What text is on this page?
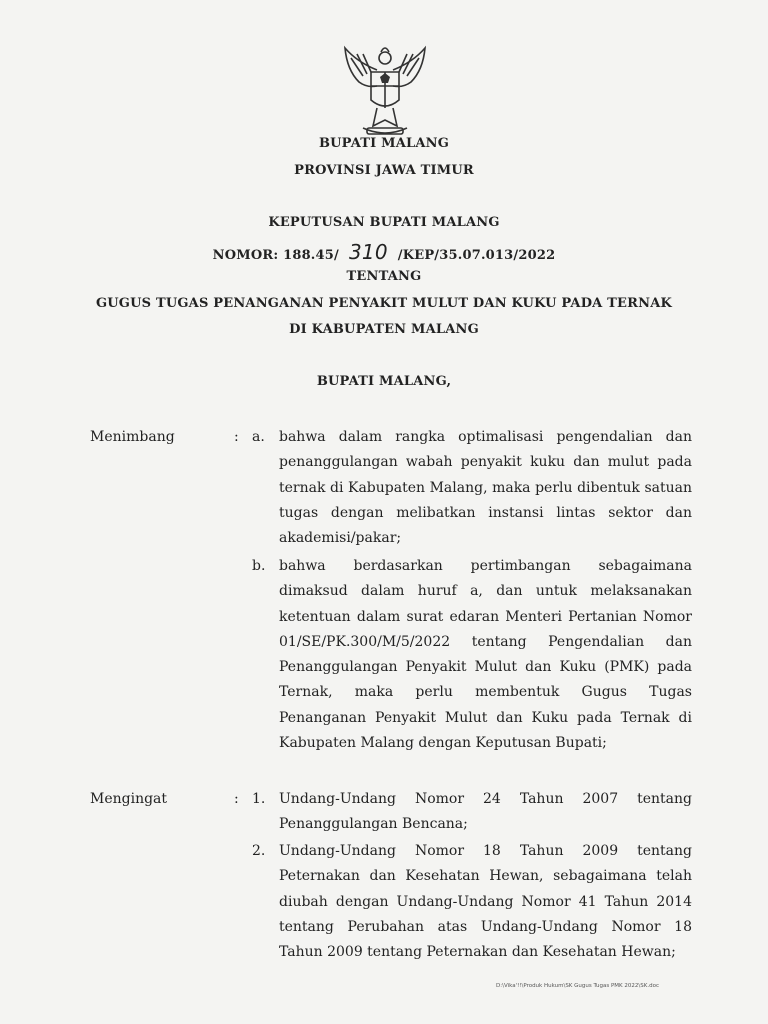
BUPATI MALANG
PROVINSI JAWA TIMUR
KEPUTUSAN BUPATI MALANG
NOMOR: 188.45/ 310 /KEP/35.07.013/2022
TENTANG
GUGUS TUGAS PENANGANAN PENYAKIT MULUT DAN KUKU PADA TERNAK
DI KABUPATEN MALANG
BUPATI MALANG,
Menimbang	: a. bahwa dalam rangka optimalisasi pengendalian dan penanggulangan wabah penyakit kuku dan mulut pada ternak di Kabupaten Malang, maka perlu dibentuk satuan tugas dengan melibatkan instansi lintas sektor dan akademisi/pakar;
b. bahwa berdasarkan pertimbangan sebagaimana dimaksud dalam huruf a, dan untuk melaksanakan ketentuan dalam surat edaran Menteri Pertanian Nomor 01/SE/PK.300/M/5/2022 tentang Pengendalian dan Penanggulangan Penyakit Mulut dan Kuku (PMK) pada Ternak, maka perlu membentuk Gugus Tugas Penanganan Penyakit Mulut dan Kuku pada Ternak di Kabupaten Malang dengan Keputusan Bupati;
Mengingat	: 1. Undang-Undang Nomor 24 Tahun 2007 tentang Penanggulangan Bencana;
2. Undang-Undang Nomor 18 Tahun 2009 tentang Peternakan dan Kesehatan Hewan, sebagaimana telah diubah dengan Undang-Undang Nomor 41 Tahun 2014 tentang Perubahan atas Undang-Undang Nomor 18 Tahun 2009 tentang Peternakan dan Kesehatan Hewan;
D:\Vika'!!\Produk Hukum\SK Gugus Tugas PMK 2022\SK.doc
